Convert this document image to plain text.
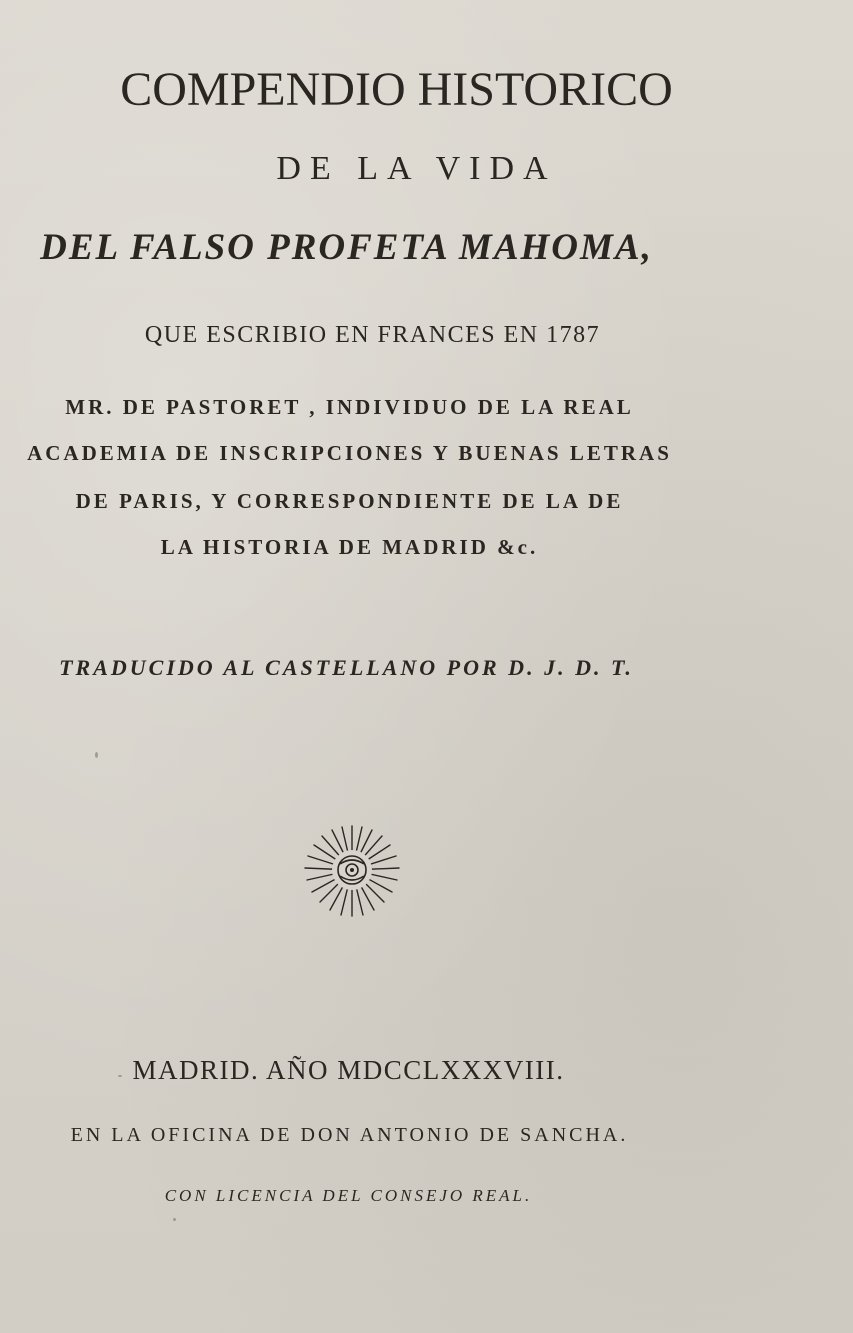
COMPENDIO HISTORICO
DE LA VIDA
DEL FALSO PROFETA MAHOMA,
QUE ESCRIBIO EN FRANCES EN 1787
MR. DE PASTORET , INDIVIDUO DE LA REAL
ACADEMIA DE INSCRIPCIONES Y BUENAS LETRAS
DE PARIS, Y CORRESPONDIENTE DE LA DE
LA HISTORIA DE MADRID &c.
TRADUCIDO AL CASTELLANO POR D. J. D. T.
MADRID. AÑO MDCCLXXXVIII.
EN LA OFICINA DE DON ANTONIO DE SANCHA.
CON LICENCIA DEL CONSEJO REAL.
